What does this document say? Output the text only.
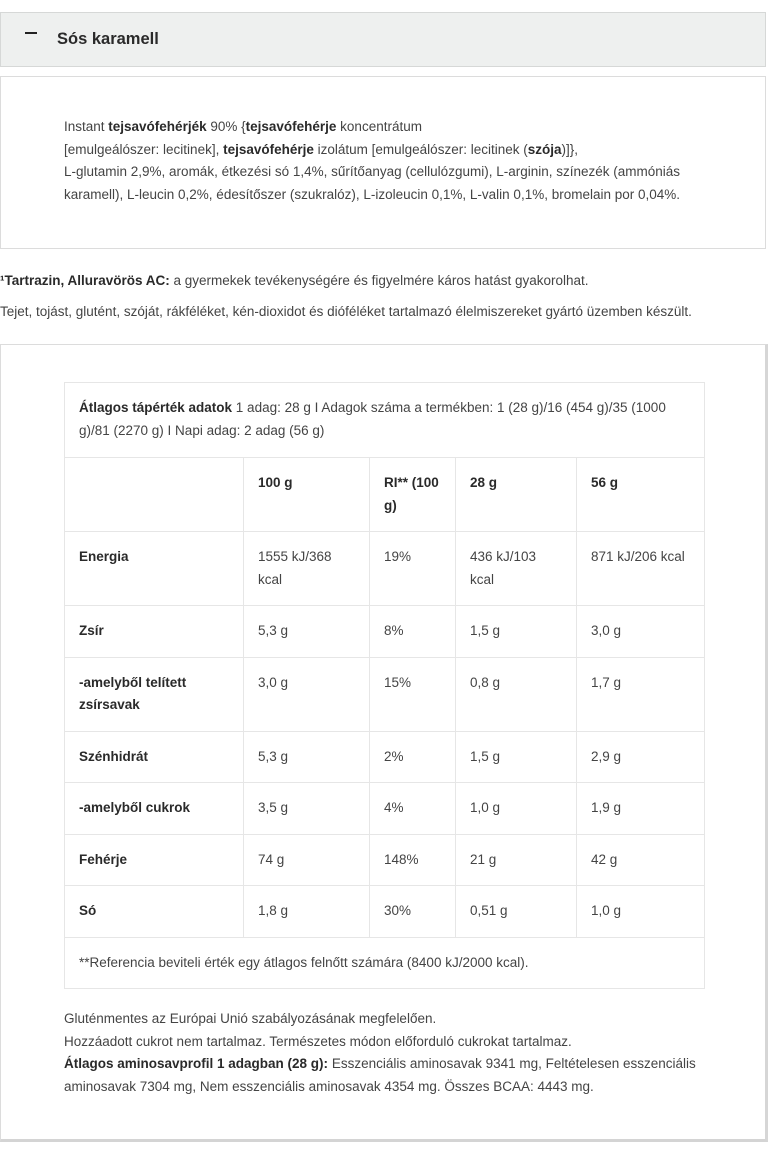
Sós karamell
Instant tejsavófehérjék 90% {tejsavófehérje koncentrátum
[emulgeálószer: lecitinek], tejsavófehérje izolátum [emulgeálószer: lecitinek (szója)]},
L-glutamin 2,9%, aromák, étkezési só 1,4%, sűrítőanyag (cellulózgumi), L-arginin, színezék (ammóniás
karamell), L-leucin 0,2%, édesítőszer (szukralóz), L-izoleucin 0,1%, L-valin 0,1%, bromelain por 0,04%.
¹Tartrazin, Alluravörös AC: a gyermekek tevékenységére és figyelmére káros hatást gyakorolhat.
Tejet, tojást, glutént, szóját, rákféléket, kén-dioxidot és dióféléket tartalmazó élelmiszereket gyártó üzemben készült.
Átlagos tápérték adatok 1 adag: 28 g I Adagok száma a termékben: 1 (28 g)/16 (454 g)/35 (1000 g)/81 (2270 g) I Napi adag: 2 adag (56 g)				
	100 g	RI** (100 g)	28 g	56 g
Energia	1555 kJ/368 kcal	19%	436 kJ/103 kcal	871 kJ/206 kcal
Zsír	5,3 g	8%	1,5 g	3,0 g
-amelyből telített zsírsavak	3,0 g	15%	0,8 g	1,7 g
Szénhidrát	5,3 g	2%	1,5 g	2,9 g
-amelyből cukrok	3,5 g	4%	1,0 g	1,9 g
Fehérje	74 g	148%	21 g	42 g
Só	1,8 g	30%	0,51 g	1,0 g
**Referencia beviteli érték egy átlagos felnőtt számára (8400 kJ/2000 kcal).				
Gluténmentes az Európai Unió szabályozásának megfelelően.
Hozzáadott cukrot nem tartalmaz. Természetes módon előforduló cukrokat tartalmaz.
Átlagos aminosavprofil 1 adagban (28 g): Esszenciális aminosavak 9341 mg, Feltételesen esszenciális aminosavak 7304 mg, Nem esszenciális aminosavak 4354 mg. Összes BCAA: 4443 mg.
